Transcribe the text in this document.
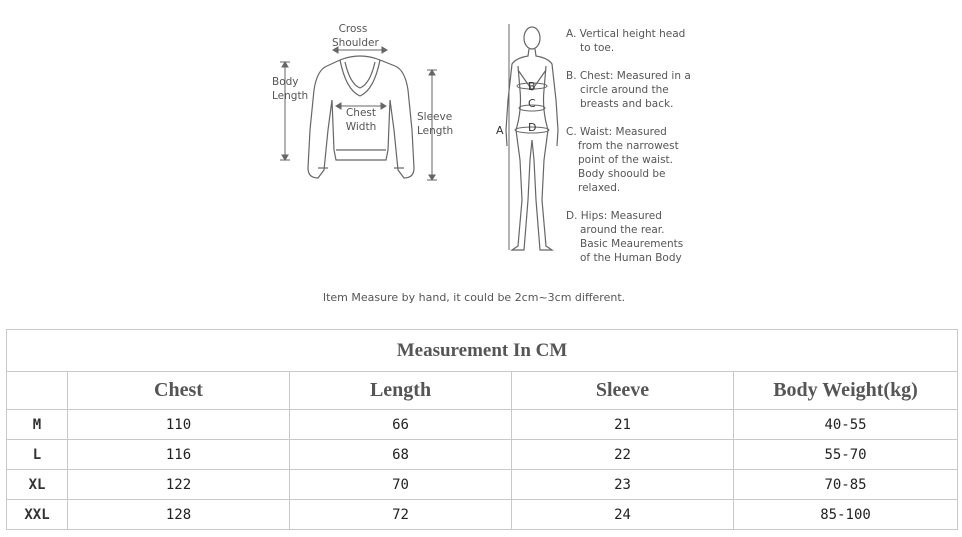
Cross
Shoulder
Body
Length
Chest
Width
Sleeve
Length	A
B
C
D
A. Vertical height head
to toe.
B. Chest: Measured in a
circle around the
breasts and back.
C. Waist: Measured
from the narrowest
point of the waist.
Body shoould be
relaxed.
D. Hips: Measured
around the rear.
Basic Meaurements
of the Human Body
Item Measure by hand, it could be 2cm~3cm different.
Measurement In CM				
	Chest	Length	Sleeve	Body Weight(kg)
M	110	66	21	40-55
L	116	68	22	55-70
XL	122	70	23	70-85
XXL	128	72	24	85-100
